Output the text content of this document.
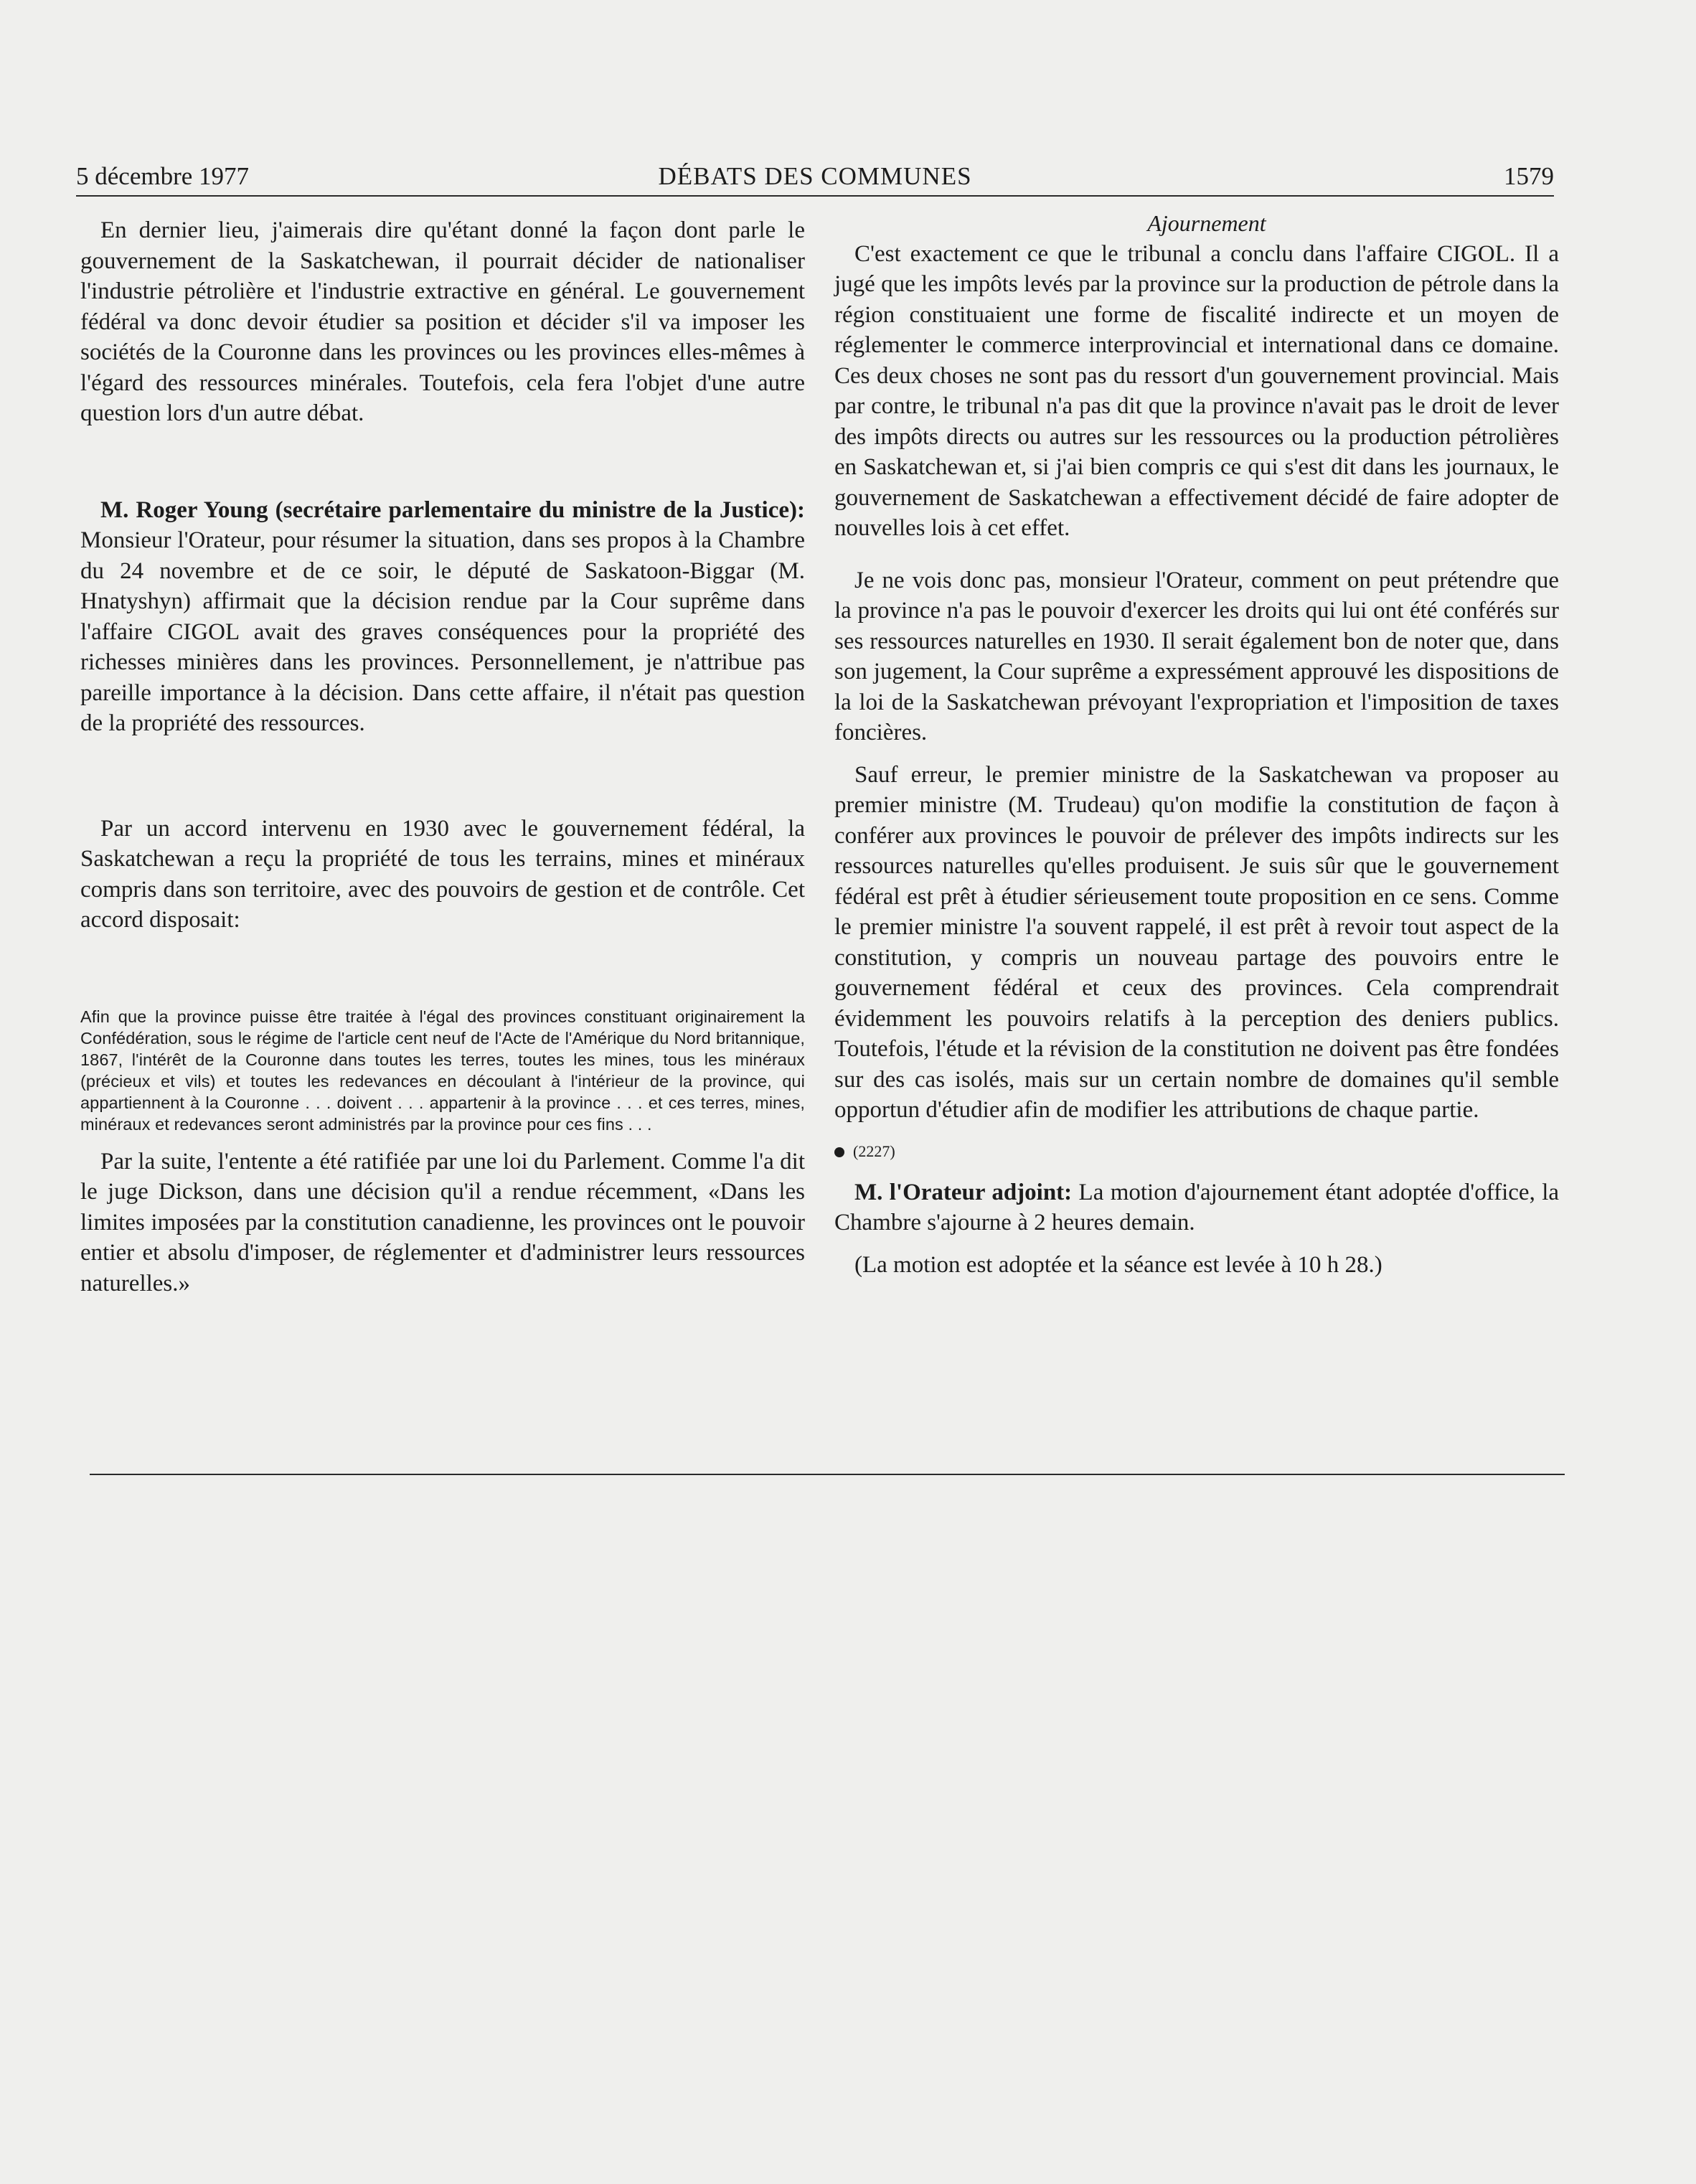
5 décembre 1977	DÉBATS DES COMMUNES	1579

En dernier lieu, j'aimerais dire qu'étant donné la façon dont parle le gouvernement de la Saskatchewan, il pourrait décider de nationaliser l'industrie pétrolière et l'industrie extractive en général. Le gouvernement fédéral va donc devoir étudier sa position et décider s'il va imposer les sociétés de la Couronne dans les provinces ou les provinces elles-mêmes à l'égard des ressources minérales. Toutefois, cela fera l'objet d'une autre question lors d'un autre débat.

M. Roger Young (secrétaire parlementaire du ministre de la Justice): Monsieur l'Orateur, pour résumer la situation, dans ses propos à la Chambre du 24 novembre et de ce soir, le député de Saskatoon-Biggar (M. Hnatyshyn) affirmait que la décision rendue par la Cour suprême dans l'affaire CIGOL avait des graves conséquences pour la propriété des richesses minières dans les provinces. Personnellement, je n'attribue pas pareille importance à la décision. Dans cette affaire, il n'était pas question de la propriété des ressources.

Par un accord intervenu en 1930 avec le gouvernement fédéral, la Saskatchewan a reçu la propriété de tous les terrains, mines et minéraux compris dans son territoire, avec des pouvoirs de gestion et de contrôle. Cet accord disposait:

Afin que la province puisse être traitée à l'égal des provinces constituant originairement la Confédération, sous le régime de l'article cent neuf de l'Acte de l'Amérique du Nord britannique, 1867, l'intérêt de la Couronne dans toutes les terres, toutes les mines, tous les minéraux (précieux et vils) et toutes les redevances en découlant à l'intérieur de la province, qui appartiennent à la Couronne . . . doivent . . . appartenir à la province . . . et ces terres, mines, minéraux et redevances seront administrés par la province pour ces fins . . .

Par la suite, l'entente a été ratifiée par une loi du Parlement. Comme l'a dit le juge Dickson, dans une décision qu'il a rendue récemment, «Dans les limites imposées par la constitution canadienne, les provinces ont le pouvoir entier et absolu d'imposer, de réglementer et d'administrer leurs ressources naturelles.»

Ajournement

C'est exactement ce que le tribunal a conclu dans l'affaire CIGOL. Il a jugé que les impôts levés par la province sur la production de pétrole dans la région constituaient une forme de fiscalité indirecte et un moyen de réglementer le commerce interprovincial et international dans ce domaine. Ces deux choses ne sont pas du ressort d'un gouvernement provincial. Mais par contre, le tribunal n'a pas dit que la province n'avait pas le droit de lever des impôts directs ou autres sur les ressources ou la production pétrolières en Saskatchewan et, si j'ai bien compris ce qui s'est dit dans les journaux, le gouvernement de Saskatchewan a effectivement décidé de faire adopter de nouvelles lois à cet effet.

Je ne vois donc pas, monsieur l'Orateur, comment on peut prétendre que la province n'a pas le pouvoir d'exercer les droits qui lui ont été conférés sur ses ressources naturelles en 1930. Il serait également bon de noter que, dans son jugement, la Cour suprême a expressément approuvé les dispositions de la loi de la Saskatchewan prévoyant l'expropriation et l'imposition de taxes foncières.

Sauf erreur, le premier ministre de la Saskatchewan va proposer au premier ministre (M. Trudeau) qu'on modifie la constitution de façon à conférer aux provinces le pouvoir de prélever des impôts indirects sur les ressources naturelles qu'elles produisent. Je suis sûr que le gouvernement fédéral est prêt à étudier sérieusement toute proposition en ce sens. Comme le premier ministre l'a souvent rappelé, il est prêt à revoir tout aspect de la constitution, y compris un nouveau partage des pouvoirs entre le gouvernement fédéral et ceux des provinces. Cela comprendrait évidemment les pouvoirs relatifs à la perception des deniers publics. Toutefois, l'étude et la révision de la constitution ne doivent pas être fondées sur des cas isolés, mais sur un certain nombre de domaines qu'il semble opportun d'étudier afin de modifier les attributions de chaque partie.

(2227)

M. l'Orateur adjoint: La motion d'ajournement étant adoptée d'office, la Chambre s'ajourne à 2 heures demain.

(La motion est adoptée et la séance est levée à 10 h 28.)
